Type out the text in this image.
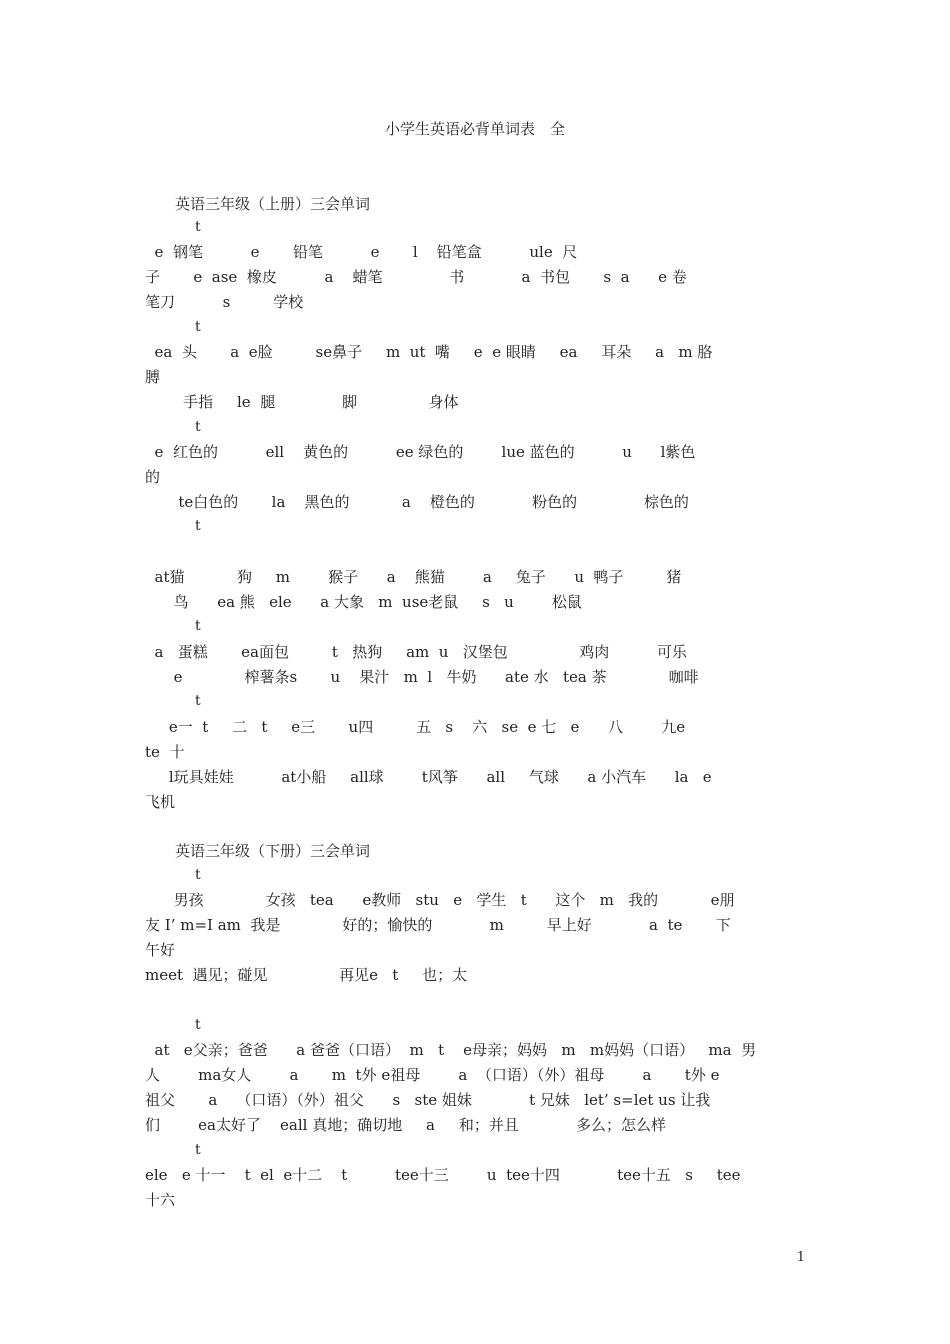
小学生英语必背单词表　全
英语三年级（上册）三会单词
t
e  钢笔          e       铅笔          e       l    铅笔盒          ule  尺
子       e  ase  橡皮          a    蜡笔              书            a  书包       s  a      e 卷
笔刀          s         学校
t
ea  头       a  e脸         se鼻子     m  ut  嘴     e  e 眼睛     ea     耳朵     a   m 胳
膊
手指     le  腿              脚               身体
t
e  红色的          ell    黄色的          ee 绿色的        lue 蓝色的          u      l紫色
的
te白色的       la    黑色的           a    橙色的            粉色的              棕色的
t
at猫           狗     m        猴子      a    熊猫        a     兔子      u  鸭子         猪
鸟      ea 熊   ele      a 大象   m  use老鼠     s   u        松鼠
t
a   蛋糕       ea面包         t   热狗     am  u   汉堡包               鸡肉          可乐
e             榨薯条s       u    果汁   m  l   牛奶      ate 水   tea 茶             咖啡
t
e一  t     二   t     e三       u四         五   s    六   se  e 七   e      八        九e
te  十
l玩具娃娃          at小船     all球        t风筝      all     气球      a 小汽车      la   e
飞机
英语三年级（下册）三会单词
t
男孩             女孩   tea      e教师   stu   e   学生   t      这个   m   我的           e朋
友 I’ m=I am  我是             好的；愉快的            m         早上好            a  te       下
午好
meet  遇见；碰见               再见e   t     也；太
t
at   e父亲；爸爸      a 爸爸（口语）  m   t    e母亲；妈妈   m   m妈妈（口语）   ma  男
人        ma女人        a       m  t外 e祖母        a  （口语）（外）祖母        a       t外 e
祖父       a    （口语）（外）祖父      s   ste 姐妹            t 兄妹   let’ s=let us 让我
们        ea太好了    eall 真地；确切地     a     和；并且            多么；怎么样
t
ele   e 十一    t  el  e十二    t          tee十三        u  tee十四            tee十五   s     tee
十六
1
